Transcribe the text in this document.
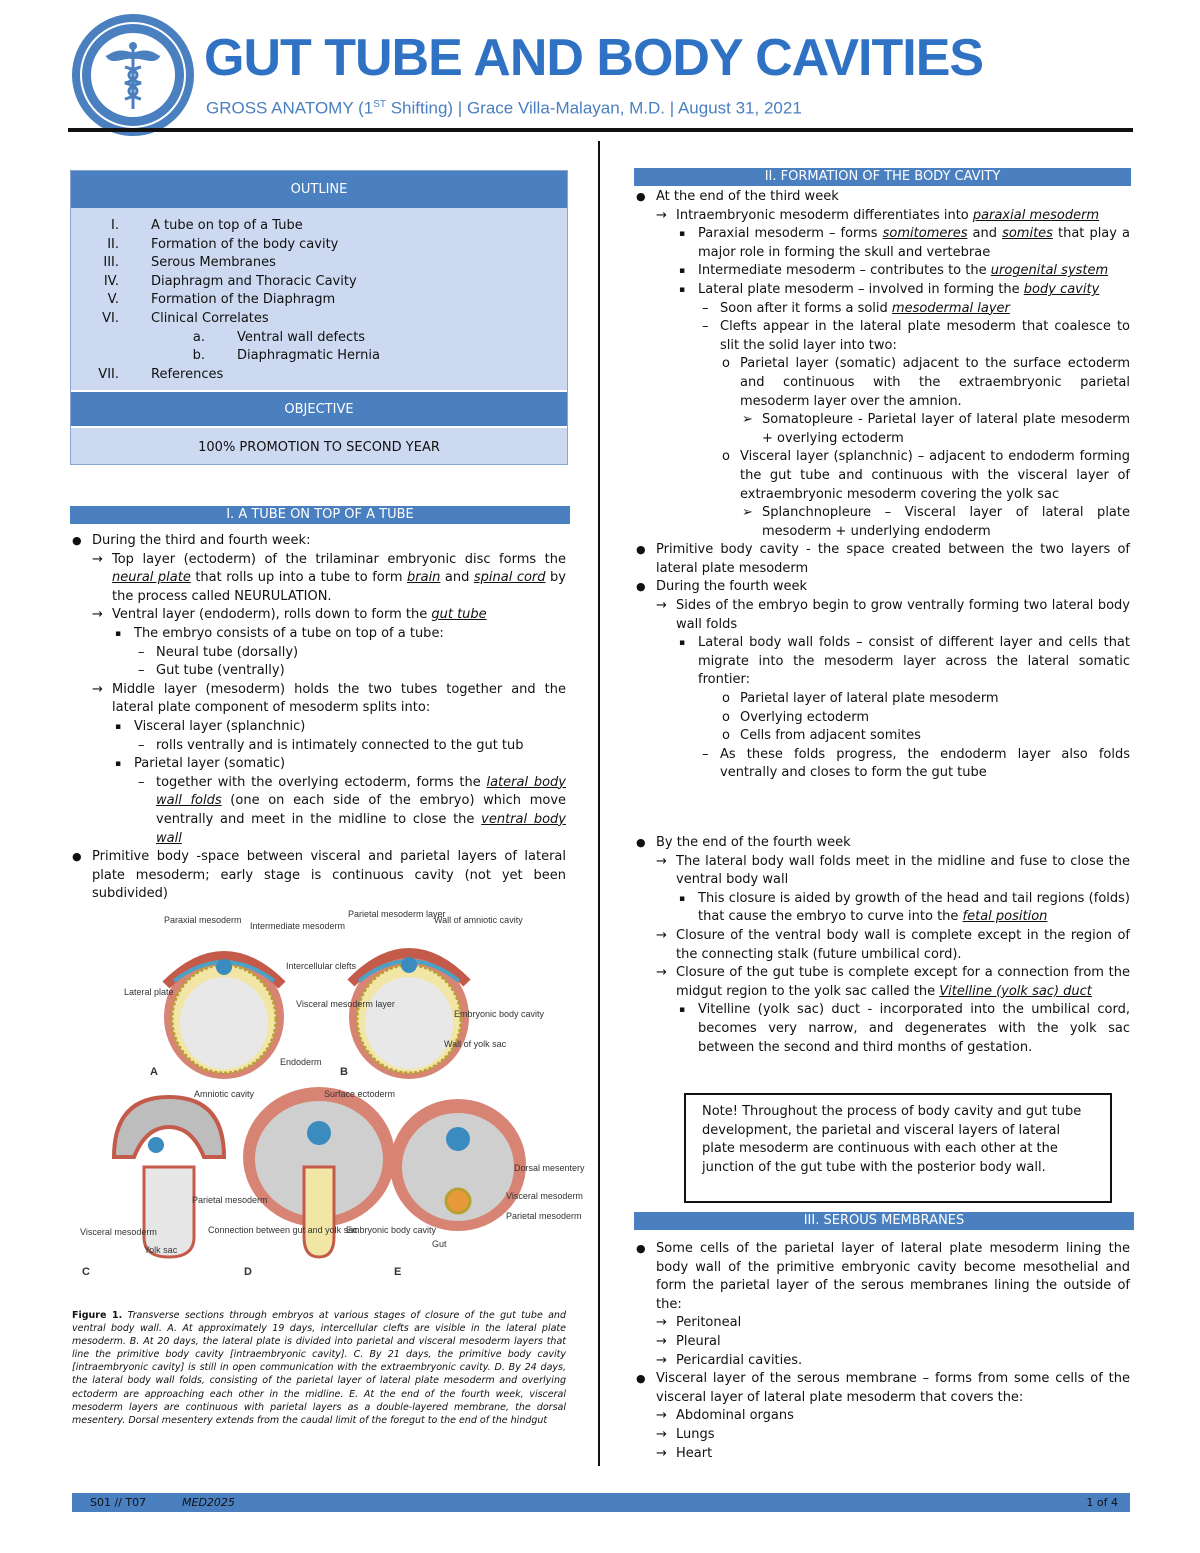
GUT TUBE AND BODY CAVITIES
GROSS ANATOMY (1ST Shifting) | Grace Villa-Malayan, M.D. | August 31, 2021
OUTLINE
I.	A tube on top of a Tube
II.	Formation of the body cavity
III.	Serous Membranes
IV.	Diaphragm and Thoracic Cavity
V.	Formation of the Diaphragm
VI.	Clinical Correlates
a.	Ventral wall defects
b.	Diaphragmatic Hernia
VII.	References
OBJECTIVE
100% PROMOTION TO SECOND YEAR
I. A TUBE ON TOP OF A TUBE
● During the third and fourth week:
→ Top layer (ectoderm) of the trilaminar embryonic disc forms the neural plate that rolls up into a tube to form brain and spinal cord by the process called NEURULATION.
→ Ventral layer (endoderm), rolls down to form the gut tube
▪ The embryo consists of a tube on top of a tube:
– Neural tube (dorsally)
– Gut tube (ventrally)
→ Middle layer (mesoderm) holds the two tubes together and the lateral plate component of mesoderm splits into:
▪ Visceral layer (splanchnic)
– rolls ventrally and is intimately connected to the gut tub
▪ Parietal layer (somatic)
– together with the overlying ectoderm, forms the lateral body wall folds (one on each side of the embryo) which move ventrally and meet in the midline to close the ventral body wall
● Primitive body -space between visceral and parietal layers of lateral plate mesoderm; early stage is continuous cavity (not yet been subdivided)
Paraxial mesoderm
Intermediate mesoderm
Parietal mesoderm layer
Wall of amniotic cavity
Intercellular clefts
Lateral plate
Visceral mesoderm layer
Embryonic body cavity
Endoderm
Wall of yolk sac
A	B
Amniotic cavity	Surface ectoderm
Dorsal mesentery
Visceral mesoderm
Parietal mesoderm
Visceral mesoderm
Parietal mesoderm
Connection between gut and yolk sac
Embryonic body cavity
Yolk sac
Gut
C	D	E
Figure 1. Transverse sections through embryos at various stages of closure of the gut tube and ventral body wall. A. At approximately 19 days, intercellular clefts are visible in the lateral plate mesoderm. B. At 20 days, the lateral plate is divided into parietal and visceral mesoderm layers that line the primitive body cavity [intraembryonic cavity]. C. By 21 days, the primitive body cavity [intraembryonic cavity] is still in open communication with the extraembryonic cavity. D. By 24 days, the lateral body wall folds, consisting of the parietal layer of lateral plate mesoderm and overlying ectoderm are approaching each other in the midline. E. At the end of the fourth week, visceral mesoderm layers are continuous with parietal layers as a double-layered membrane, the dorsal mesentery. Dorsal mesentery extends from the caudal limit of the foregut to the end of the hindgut
II. FORMATION OF THE BODY CAVITY
● At the end of the third week
→ Intraembryonic mesoderm differentiates into paraxial mesoderm
▪ Paraxial mesoderm – forms somitomeres and somites that play a major role in forming the skull and vertebrae
▪ Intermediate mesoderm – contributes to the urogenital system
▪ Lateral plate mesoderm – involved in forming the body cavity
– Soon after it forms a solid mesodermal layer
– Clefts appear in the lateral plate mesoderm that coalesce to slit the solid layer into two:
o Parietal layer (somatic) adjacent to the surface ectoderm and continuous with the extraembryonic parietal mesoderm layer over the amnion.
➢ Somatopleure - Parietal layer of lateral plate mesoderm + overlying ectoderm
o Visceral layer (splanchnic) – adjacent to endoderm forming the gut tube and continuous with the visceral layer of extraembryonic mesoderm covering the yolk sac
➢ Splanchnopleure – Visceral layer of lateral plate mesoderm + underlying endoderm
● Primitive body cavity - the space created between the two layers of lateral plate mesoderm
● During the fourth week
→ Sides of the embryo begin to grow ventrally forming two lateral body wall folds
▪ Lateral body wall folds – consist of different layer and cells that migrate into the mesoderm layer across the lateral somatic frontier:
o Parietal layer of lateral plate mesoderm
o Overlying ectoderm
o Cells from adjacent somites
– As these folds progress, the endoderm layer also folds ventrally and closes to form the gut tube
● By the end of the fourth week
→ The lateral body wall folds meet in the midline and fuse to close the ventral body wall
▪ This closure is aided by growth of the head and tail regions (folds) that cause the embryo to curve into the fetal position
→ Closure of the ventral body wall is complete except in the region of the connecting stalk (future umbilical cord).
→ Closure of the gut tube is complete except for a connection from the midgut region to the yolk sac called the Vitelline (yolk sac) duct
▪ Vitelline (yolk sac) duct - incorporated into the umbilical cord, becomes very narrow, and degenerates with the yolk sac between the second and third months of gestation.
Note! Throughout the process of body cavity and gut tube development, the parietal and visceral layers of lateral plate mesoderm are continuous with each other at the junction of the gut tube with the posterior body wall.
III. SEROUS MEMBRANES
● Some cells of the parietal layer of lateral plate mesoderm lining the body wall of the primitive embryonic cavity become mesothelial and form the parietal layer of the serous membranes lining the outside of the:
→ Peritoneal
→ Pleural
→ Pericardial cavities.
● Visceral layer of the serous membrane – forms from some cells of the visceral layer of lateral plate mesoderm that covers the:
→ Abdominal organs
→ Lungs
→ Heart
S01 // T07	MED2025	1 of 4
